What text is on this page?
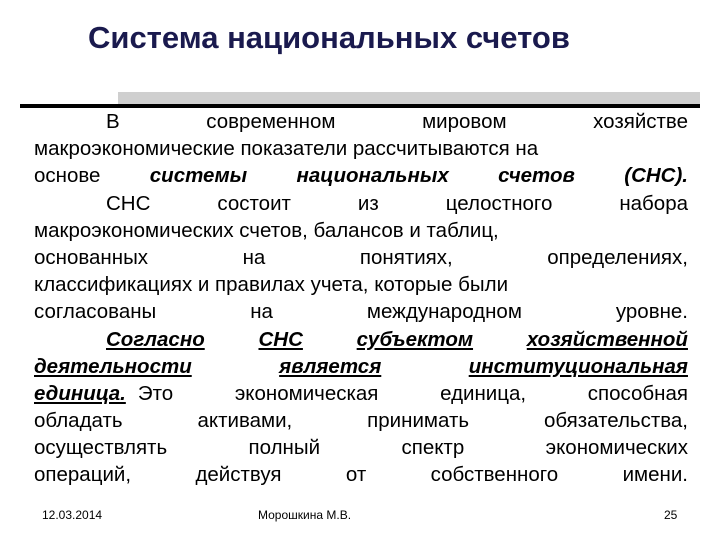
Система национальных счетов
В	современном	мировом	хозяйстве
макроэкономические показатели рассчитываются на
основе системы национальных счетов (СНС).
СНС	состоит	из	целостного	набора
макроэкономических счетов, балансов и таблиц,
основанных	на	понятиях,	определениях,
классификациях и правилах учета, которые были
согласованы на международном уровне.
Согласно	СНС	субъектом	хозяйственной
деятельности	является	институциональная
единица. Это экономическая единица, способная
обладать	активами,	принимать	обязательства,
осуществлять	полный	спектр	экономических
операций, действуя от собственного имени.
12.03.2014	Морошкина М.В.	25
